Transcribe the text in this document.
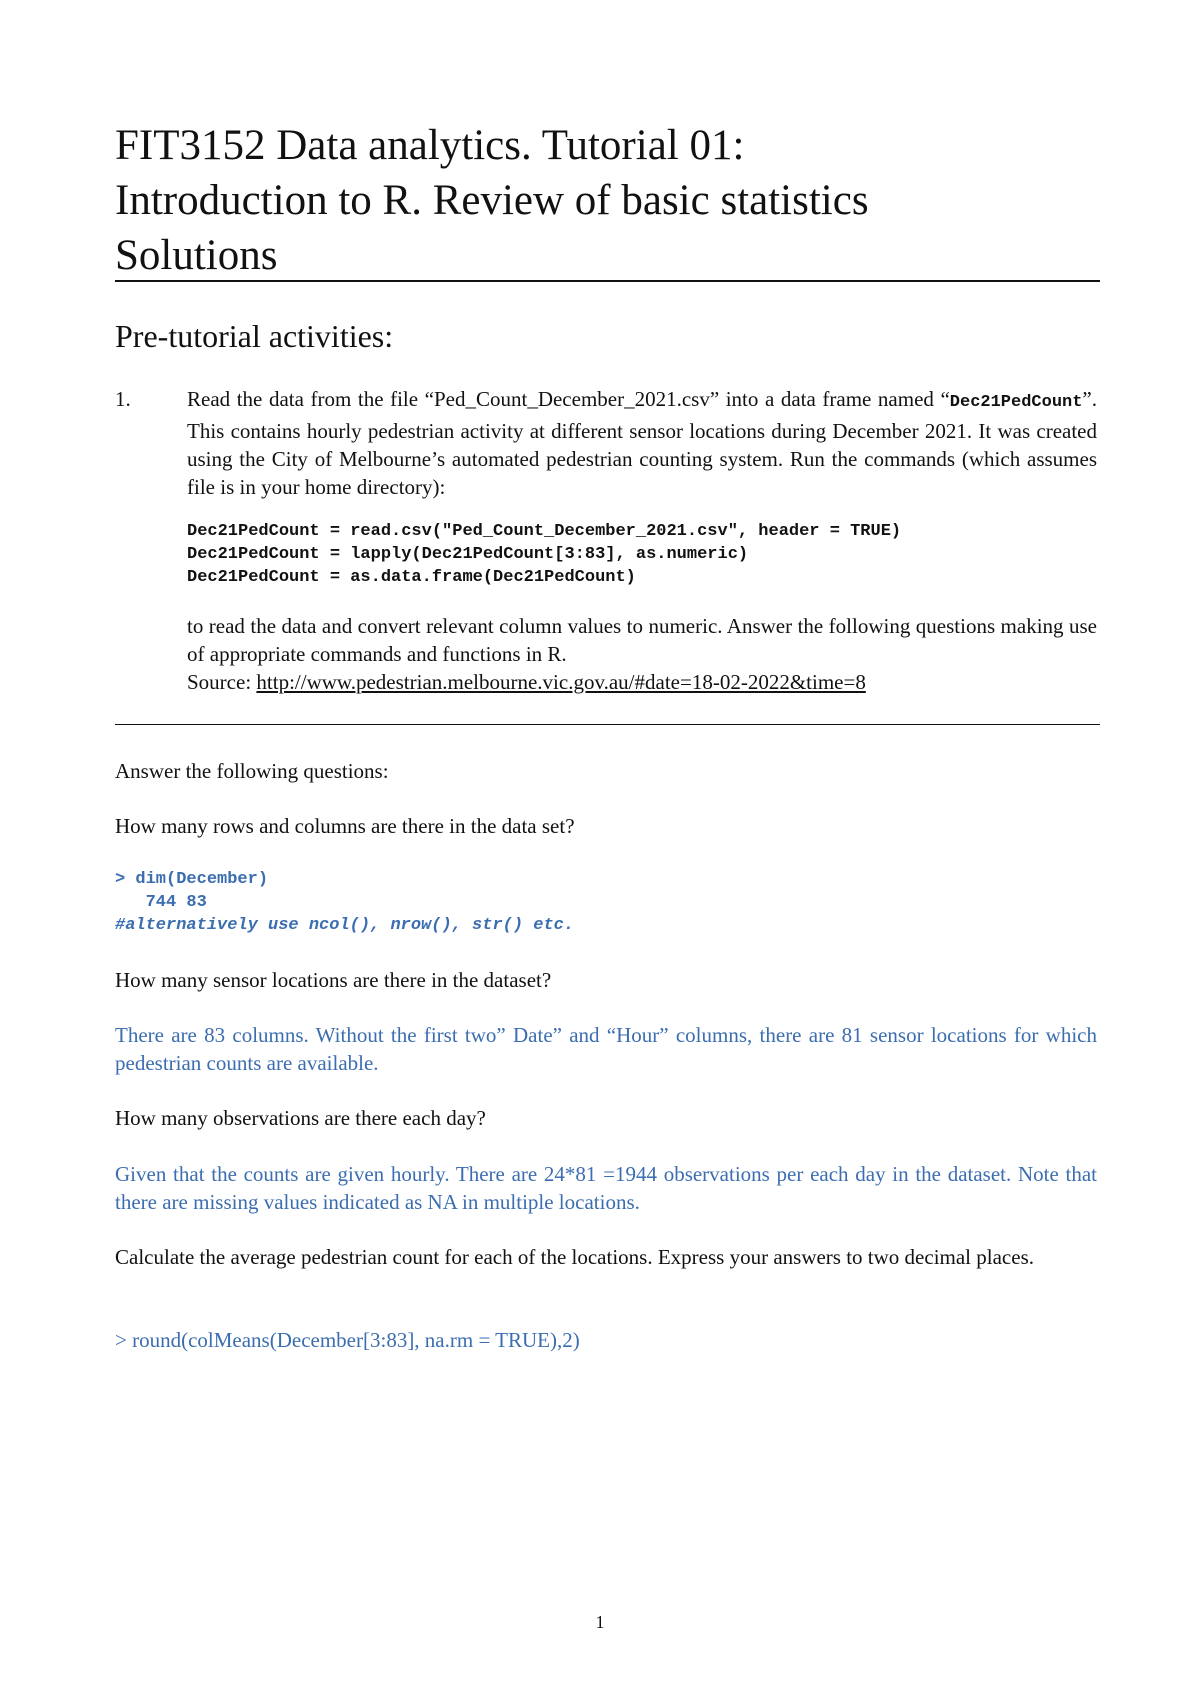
FIT3152 Data analytics. Tutorial 01:
Introduction to R. Review of basic statistics
Solutions
Pre-tutorial activities:
1.	Read the data from the file “Ped_Count_December_2021.csv” into a data frame named “Dec21PedCount”. This contains hourly pedestrian activity at different sensor locations during December 2021. It was created using the City of Melbourne’s automated pedestrian counting system. Run the commands (which assumes file is in your home directory):
Dec21PedCount = read.csv("Ped_Count_December_2021.csv", header = TRUE)
Dec21PedCount = lapply(Dec21PedCount[3:83], as.numeric)
Dec21PedCount = as.data.frame(Dec21PedCount)
to read the data and convert relevant column values to numeric. Answer the following questions making use of appropriate commands and functions in R.
Source: http://www.pedestrian.melbourne.vic.gov.au/#date=18-02-2022&time=8

Answer the following questions:

How many rows and columns are there in the data set?

> dim(December)
744 83
#alternatively use ncol(), nrow(), str() etc.

How many sensor locations are there in the dataset?

There are 83 columns. Without the first two” Date” and “Hour” columns, there are 81 sensor locations for which pedestrian counts are available.

How many observations are there each day?

Given that the counts are given hourly. There are 24*81 =1944 observations per each day in the dataset. Note that there are missing values indicated as NA in multiple locations.

Calculate the average pedestrian count for each of the locations. Express your answers to two decimal places.

> round(colMeans(December[3:83], na.rm = TRUE),2)

1
